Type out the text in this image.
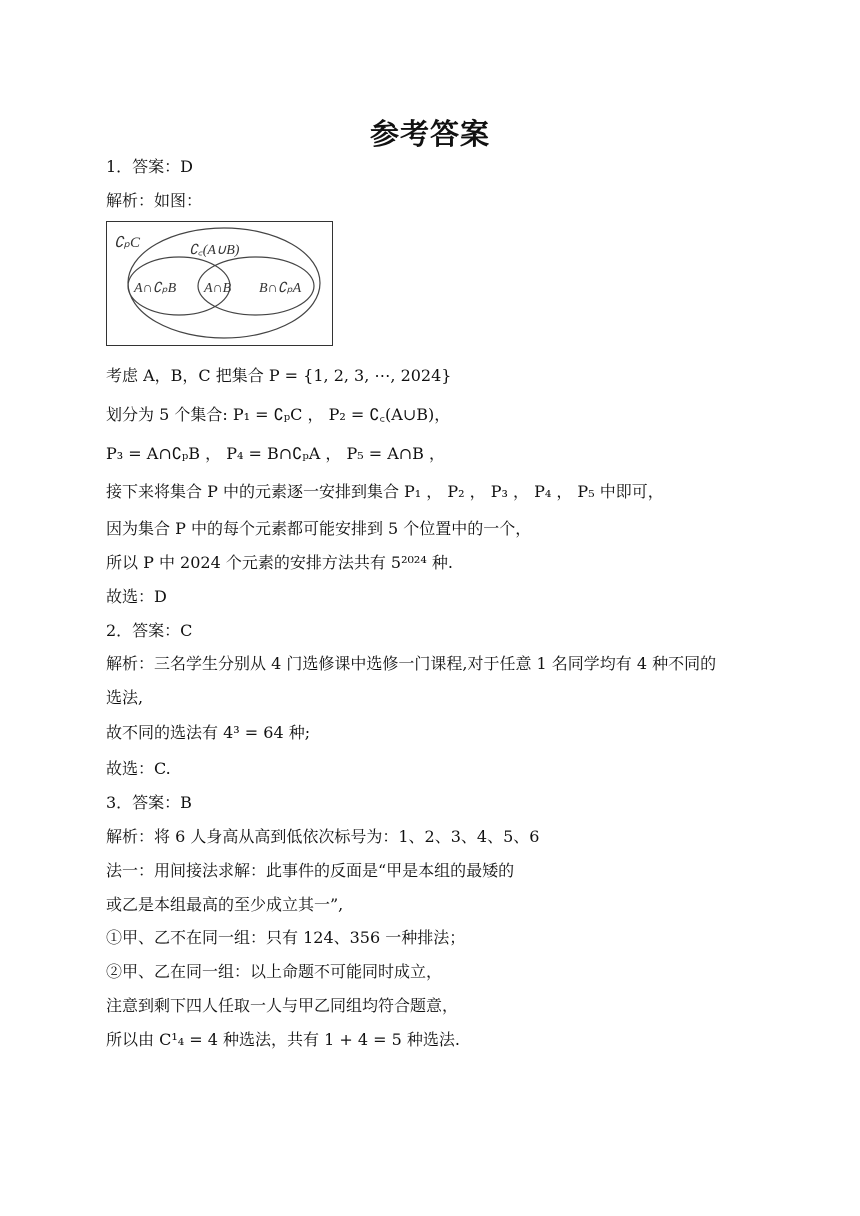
参考答案
1．答案：D
解析：如图：
∁ₚC	∁꜀(A∪B)
A∩∁ₚB A∩B B∩∁ₚA
考虑 A，B，C 把集合 P = {1, 2, 3, ⋯, 2024}
划分为 5 个集合: P₁ = ∁ₚC ， P₂ = ∁꜀(A∪B)，
P₃ = A∩∁ₚB ， P₄ = B∩∁ₚA ， P₅ = A∩B ，
接下来将集合 P 中的元素逐一安排到集合 P₁ ， P₂ ， P₃ ， P₄ ， P₅ 中即可，
因为集合 P 中的每个元素都可能安排到 5 个位置中的一个，
所以 P 中 2024 个元素的安排方法共有 5²⁰²⁴ 种.
故选：D
2．答案：C
解析：三名学生分别从 4 门选修课中选修一门课程,对于任意 1 名同学均有 4 种不同的
选法,
故不同的选法有 4³ = 64 种;
故选：C.
3．答案：B
解析：将 6 人身高从高到低依次标号为：1、2、3、4、5、6
法一：用间接法求解：此事件的反面是“甲是本组的最矮的
或乙是本组最高的至少成立其一”,
①甲、乙不在同一组：只有 124、356 一种排法；
②甲、乙在同一组：以上命题不可能同时成立，
注意到剩下四人任取一人与甲乙同组均符合题意，
所以由 C¹₄ = 4 种选法，共有 1 + 4 = 5 种选法.
